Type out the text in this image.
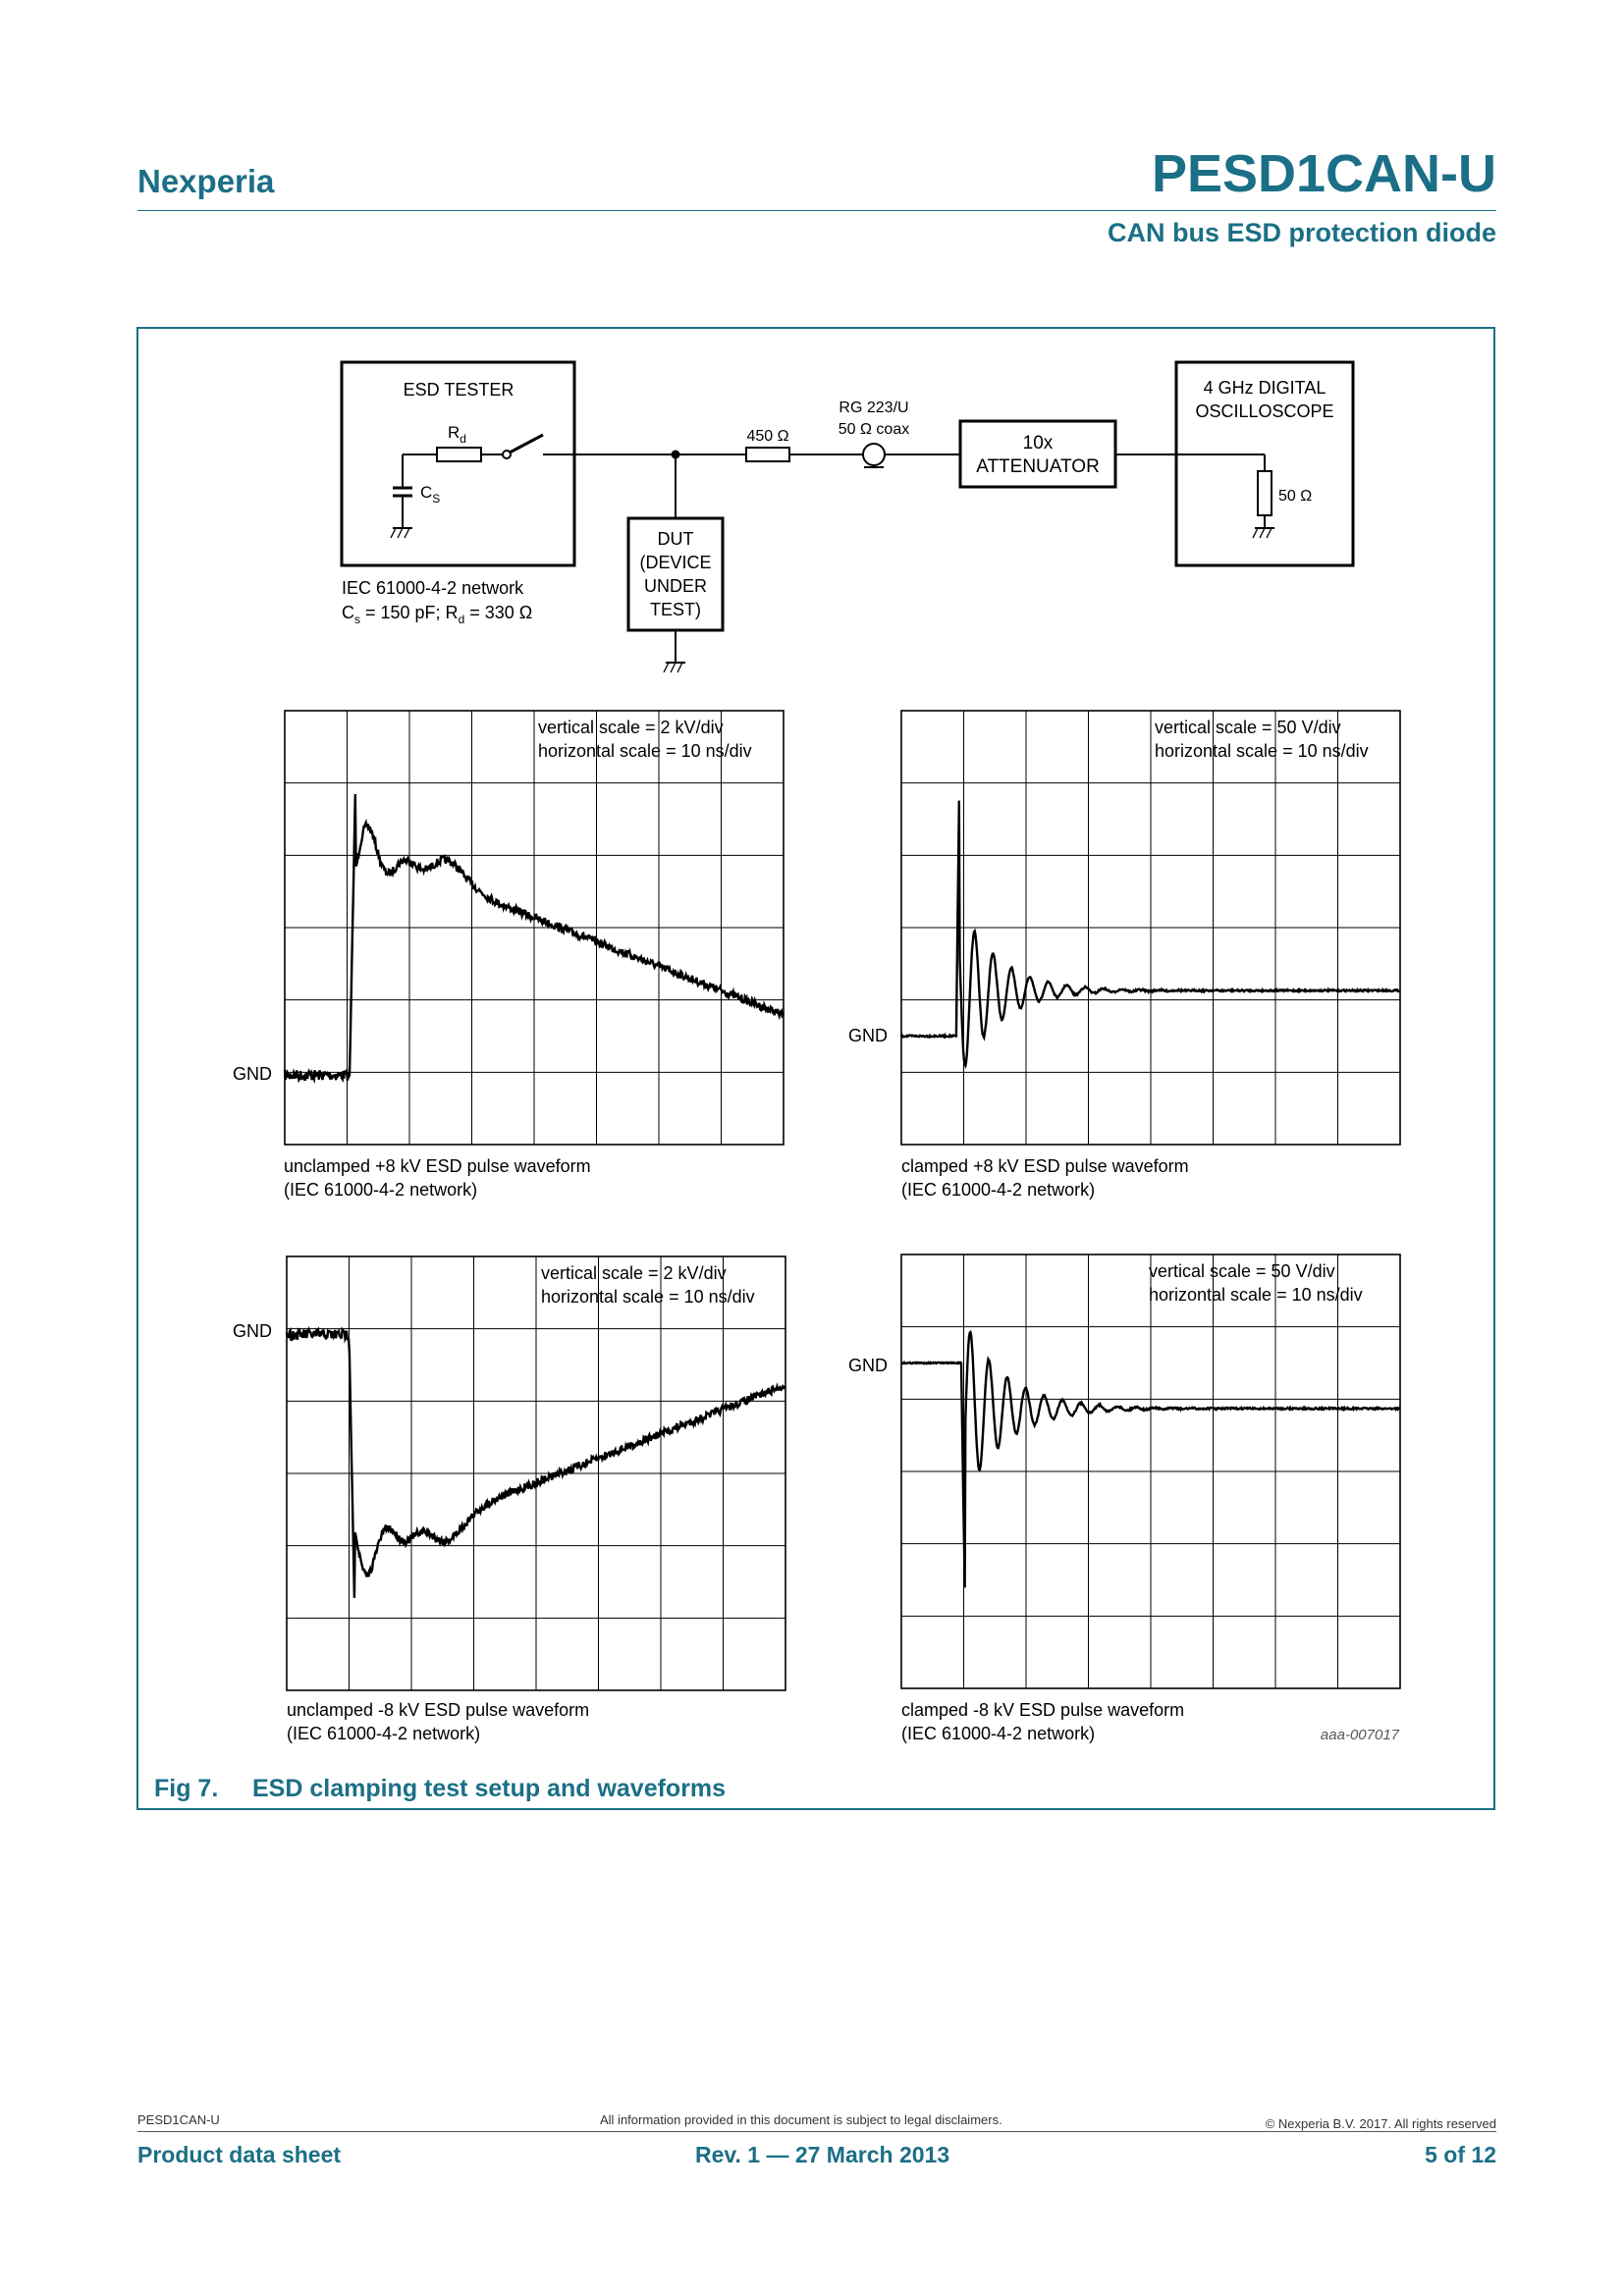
Nexperia	PESD1CAN-U
CAN bus ESD protection diode
ESD TESTER
$R_d$
$C_S$
IEC 61000-4-2 network
$C_s = 150$ pF; $R_d = 330$ Ω
DUT
(DEVICE
UNDER
TEST)
450 Ω
RG 223/U
50 Ω coax
10x
ATTENUATOR
4 GHz DIGITAL
OSCILLOSCOPE
50 Ω
vertical scale = 2 kV/div
horizontal scale = 10 ns/div
GND
unclamped +8 kV ESD pulse waveform
(IEC 61000-4-2 network)
vertical scale = 50 V/div
horizontal scale = 10 ns/div
GND
clamped +8 kV ESD pulse waveform
(IEC 61000-4-2 network)
vertical scale = 2 kV/div
horizontal scale = 10 ns/div
GND
unclamped -8 kV ESD pulse waveform
(IEC 61000-4-2 network)
vertical scale = 50 V/div
horizontal scale = 10 ns/div
GND
clamped -8 kV ESD pulse waveform
(IEC 61000-4-2 network)	aaa-007017
Fig 7. ESD clamping test setup and waveforms
PESD1CAN-U	All information provided in this document is subject to legal disclaimers.	© Nexperia B.V. 2017. All rights reserved
Product data sheet	Rev. 1 — 27 March 2013	5 of 12
